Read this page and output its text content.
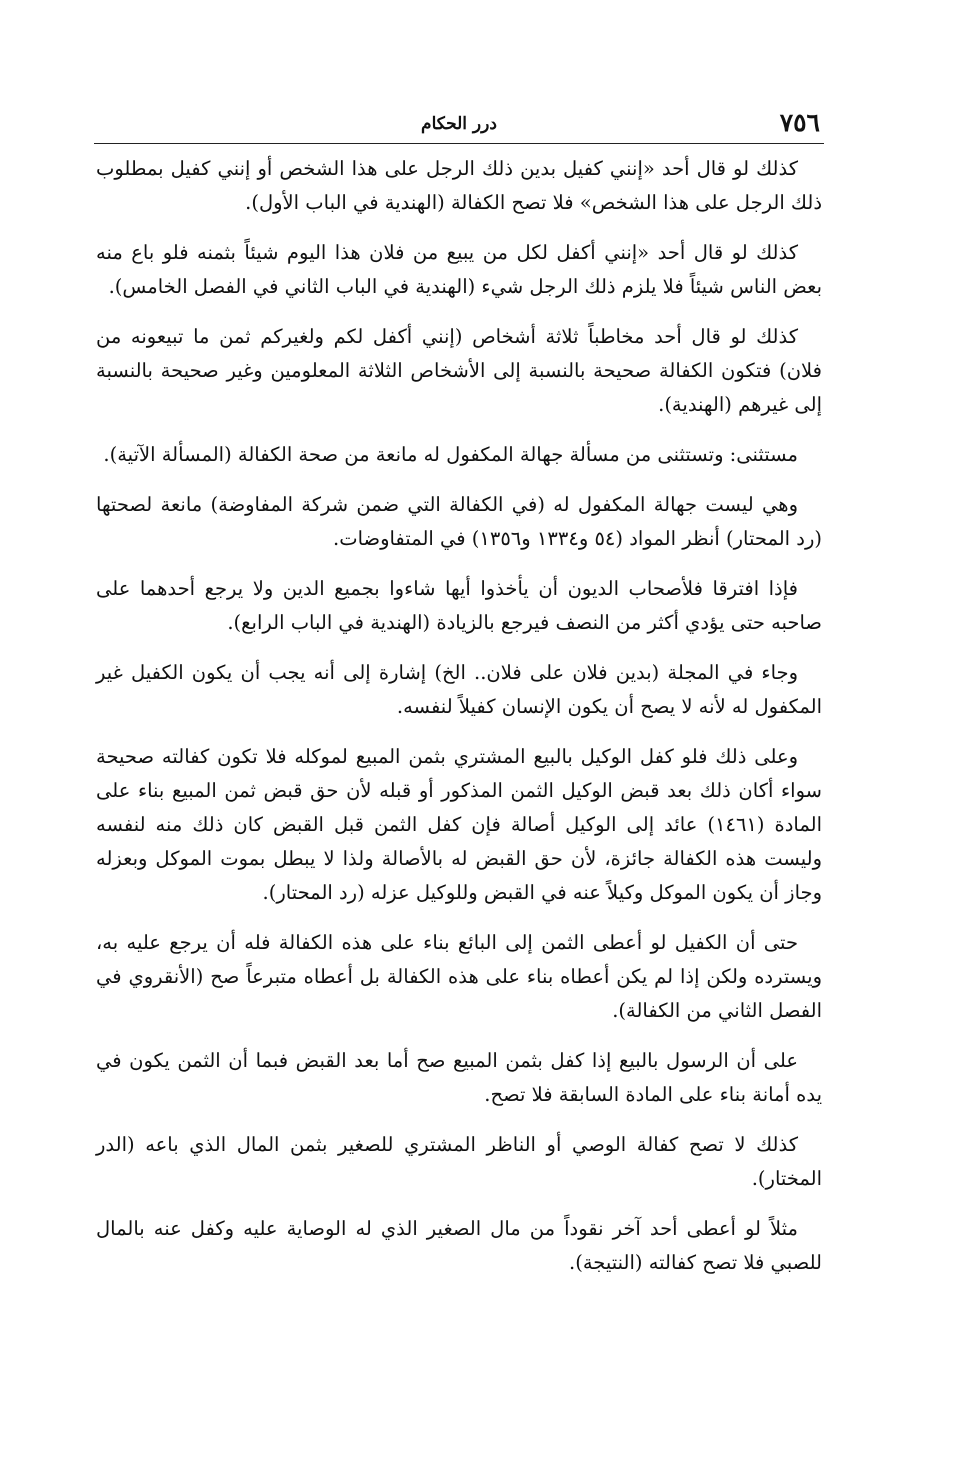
٧٥٦
درر الحكام

كذلك لو قال أحد «إنني كفيل بدين ذلك الرجل على هذا الشخص أو إنني كفيل بمطلوب ذلك الرجل على هذا الشخص» فلا تصح الكفالة (الهندية في الباب الأول).

كذلك لو قال أحد «إنني أكفل لكل من يبيع من فلان هذا اليوم شيئاً بثمنه فلو باع منه بعض الناس شيئاً فلا يلزم ذلك الرجل شيء (الهندية في الباب الثاني في الفصل الخامس).

كذلك لو قال أحد مخاطباً ثلاثة أشخاص (إنني أكفل لكم ولغيركم ثمن ما تبيعونه من فلان) فتكون الكفالة صحيحة بالنسبة إلى الأشخاص الثلاثة المعلومين وغير صحيحة بالنسبة إلى غيرهم (الهندية).

مستثنى: وتستثنى من مسألة جهالة المكفول له مانعة من صحة الكفالة (المسألة الآتية).

وهي ليست جهالة المكفول له (في الكفالة التي ضمن شركة المفاوضة) مانعة لصحتها (رد المحتار) أنظر المواد (٥٤ و١٣٣٤ و١٣٥٦) في المتفاوضات.

فإذا افترقا فلأصحاب الديون أن يأخذوا أيها شاءوا بجميع الدين ولا يرجع أحدهما على صاحبه حتى يؤدي أكثر من النصف فيرجع بالزيادة (الهندية في الباب الرابع).

وجاء في المجلة (بدين فلان على فلان.. الخ) إشارة إلى أنه يجب أن يكون الكفيل غير المكفول له لأنه لا يصح أن يكون الإنسان كفيلاً لنفسه.

وعلى ذلك فلو كفل الوكيل بالبيع المشتري بثمن المبيع لموكله فلا تكون كفالته صحيحة سواء أكان ذلك بعد قبض الوكيل الثمن المذكور أو قبله لأن حق قبض ثمن المبيع بناء على المادة (١٤٦١) عائد إلى الوكيل أصالة فإن كفل الثمن قبل القبض كان ذلك منه لنفسه وليست هذه الكفالة جائزة، لأن حق القبض له بالأصالة ولذا لا يبطل بموت الموكل وبعزله وجاز أن يكون الموكل وكيلاً عنه في القبض وللوكيل عزله (رد المحتار).

حتى أن الكفيل لو أعطى الثمن إلى البائع بناء على هذه الكفالة فله أن يرجع عليه به، ويسترده ولكن إذا لم يكن أعطاه بناء على هذه الكفالة بل أعطاه متبرعاً صح (الأنقروي في الفصل الثاني من الكفالة).

على أن الرسول بالبيع إذا كفل بثمن المبيع صح أما بعد القبض فبما أن الثمن يكون في يده أمانة بناء على المادة السابقة فلا تصح.

كذلك لا تصح كفالة الوصي أو الناظر المشتري للصغير بثمن المال الذي باعه (الدر المختار).

مثلاً لو أعطى أحد آخر نقوداً من مال الصغير الذي له الوصاية عليه وكفل عنه بالمال للصبي فلا تصح كفالته (النتيجة).
